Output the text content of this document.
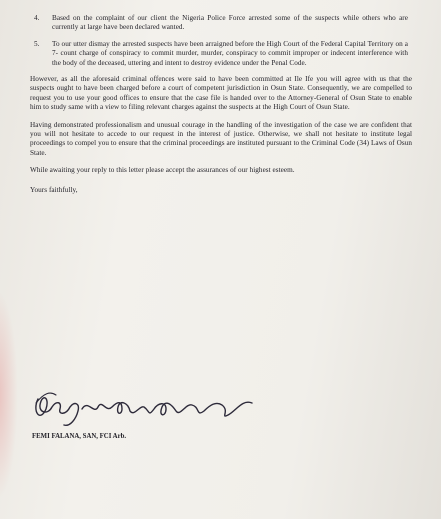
4.	Based on the complaint of our client the Nigeria Police Force arrested some of the suspects while others who are currently at large have been declared wanted.
5.	To our utter dismay the arrested suspects have been arraigned before the High Court of the Federal Capital Territory on a 7- count charge of conspiracy to commit murder, murder, conspiracy to commit improper or indecent interference with the body of the deceased, uttering and intent to destroy evidence under the Penal Code.

However, as all the aforesaid criminal offences were said to have been committed at Ile Ife you will agree with us that the suspects ought to have been charged before a court of competent jurisdiction in Osun State. Consequently, we are compelled to request you to use your good offices to ensure that the case file is handed over to the Attorney-General of Osun State to enable him to study same with a view to filing relevant charges against the suspects at the High Court of Osun State.

Having demonstrated professionalism and unusual courage in the handling of the investigation of the case we are confident that you will not hesitate to accede to our request in the interest of justice. Otherwise, we shall not hesitate to institute legal proceedings to compel you to ensure that the criminal proceedings are instituted pursuant to the Criminal Code (34) Laws of Osun State.

While awaiting your reply to this letter please accept the assurances of our highest esteem.

Yours faithfully,

FEMI FALANA, SAN, FCI Arb.
